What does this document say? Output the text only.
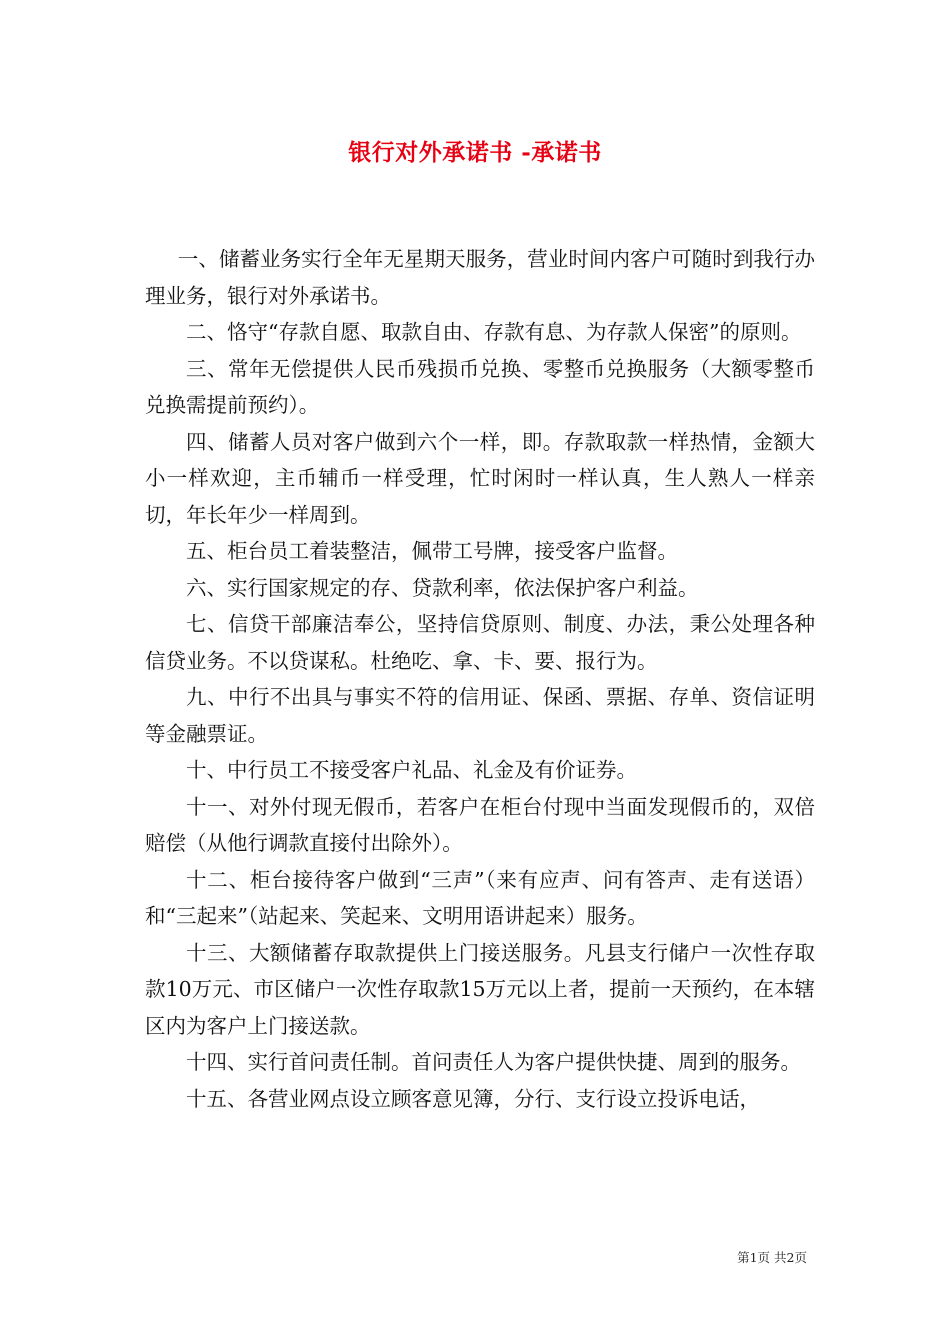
银行对外承诺书 -承诺书

一、储蓄业务实行全年无星期天服务，营业时间内客户可随时到我行办理业务，银行对外承诺书。

二、恪守“存款自愿、取款自由、存款有息、为存款人保密”的原则。

三、常年无偿提供人民币残损币兑换、零整币兑换服务（大额零整币兑换需提前预约）。

四、储蓄人员对客户做到六个一样，即。存款取款一样热情，金额大小一样欢迎，主币辅币一样受理，忙时闲时一样认真，生人熟人一样亲切，年长年少一样周到。

五、柜台员工着装整洁，佩带工号牌，接受客户监督。

六、实行国家规定的存、贷款利率，依法保护客户利益。

七、信贷干部廉洁奉公，坚持信贷原则、制度、办法，秉公处理各种信贷业务。不以贷谋私。杜绝吃、拿、卡、要、报行为。

九、中行不出具与事实不符的信用证、保函、票据、存单、资信证明等金融票证。

十、中行员工不接受客户礼品、礼金及有价证券。

十一、对外付现无假币，若客户在柜台付现中当面发现假币的，双倍赔偿（从他行调款直接付出除外）。

十二、柜台接待客户做到“三声”（来有应声、问有答声、走有送语）和“三起来”（站起来、笑起来、文明用语讲起来）服务。

十三、大额储蓄存取款提供上门接送服务。凡县支行储户一次性存取款10万元、市区储户一次性存取款15万元以上者，提前一天预约，在本辖区内为客户上门接送款。

十四、实行首问责任制。首问责任人为客户提供快捷、周到的服务。

十五、各营业网点设立顾客意见簿，分行、支行设立投诉电话，

第1页 共2页
